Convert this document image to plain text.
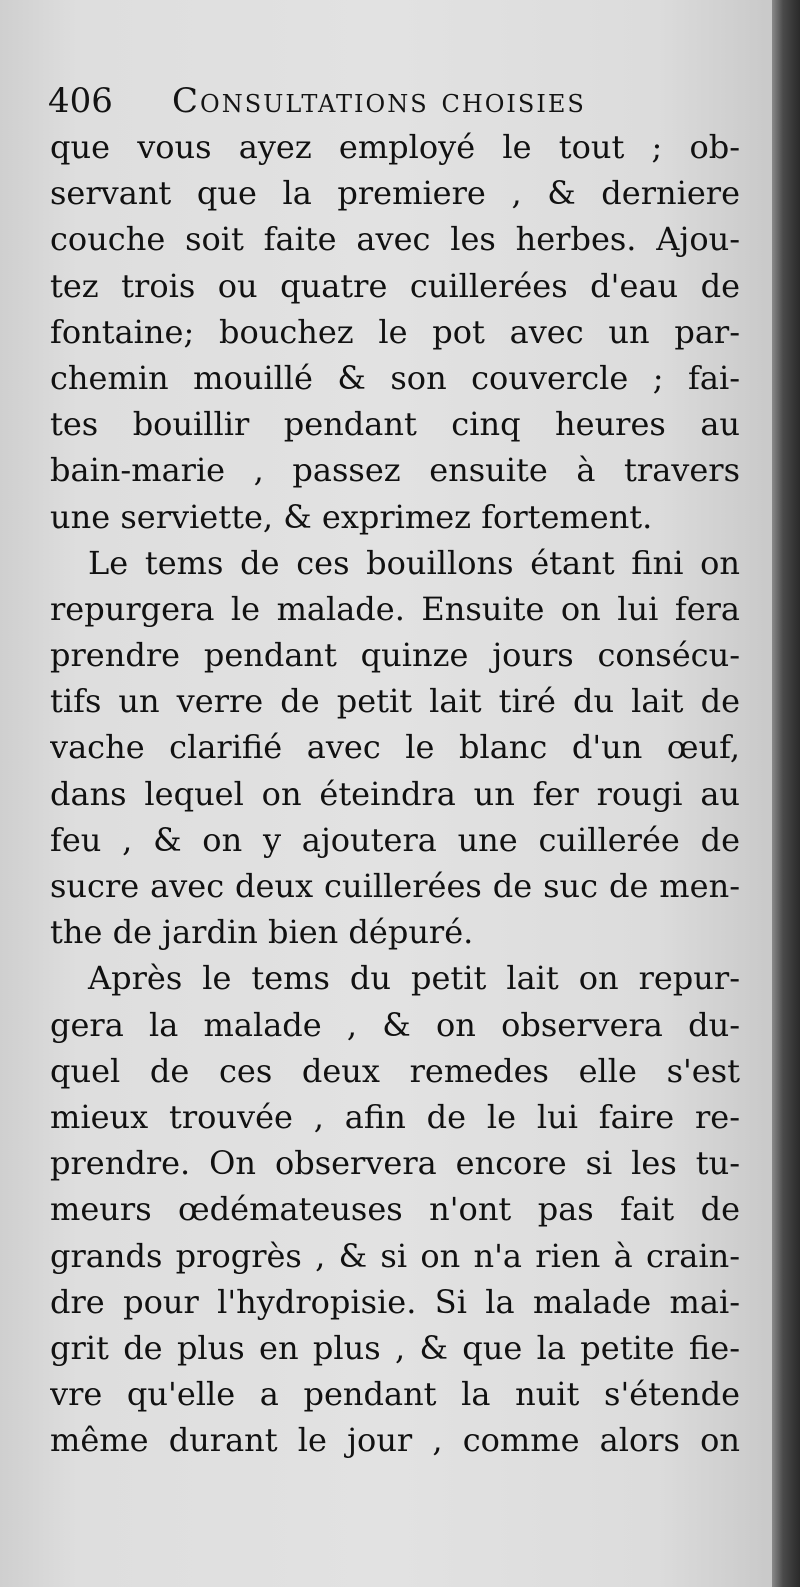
406 Consultations choisies
que vous ayez employé le tout ; ob-
servant que la premiere , & derniere
couche soit faite avec les herbes. Ajou-
tez trois ou quatre cuillerées d'eau de
fontaine; bouchez le pot avec un par-
chemin mouillé & son couvercle ; fai-
tes bouillir pendant cinq heures au
bain-marie , passez ensuite à travers
une serviette, & exprimez fortement.
Le tems de ces bouillons étant fini on
repurgera le malade. Ensuite on lui fera
prendre pendant quinze jours consécu-
tifs un verre de petit lait tiré du lait de
vache clarifié avec le blanc d'un œuf,
dans lequel on éteindra un fer rougi au
feu , & on y ajoutera une cuillerée de
sucre avec deux cuillerées de suc de men-
the de jardin bien dépuré.
Après le tems du petit lait on repur-
gera la malade , & on observera du-
quel de ces deux remedes elle s'est
mieux trouvée , afin de le lui faire re-
prendre. On observera encore si les tu-
meurs œdémateuses n'ont pas fait de
grands progrès , & si on n'a rien à crain-
dre pour l'hydropisie. Si la malade mai-
grit de plus en plus , & que la petite fie-
vre qu'elle a pendant la nuit s'étende
même durant le jour , comme alors on
